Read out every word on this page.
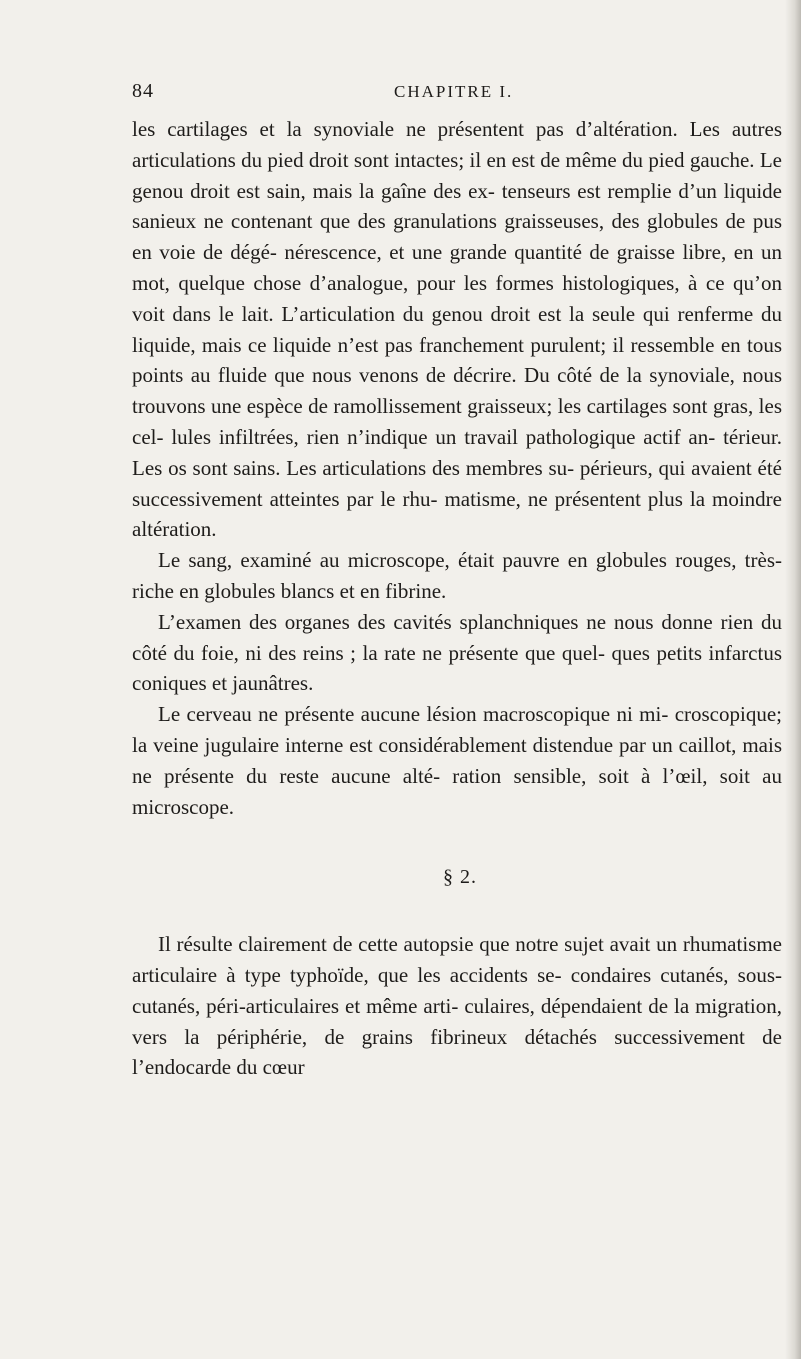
84	CHAPITRE I.

les cartilages et la synoviale ne présentent pas d’altération. Les autres articulations du pied droit sont intactes; il en est de même du pied gauche. Le genou droit est sain, mais la gaîne des ex- tenseurs est remplie d’un liquide sanieux ne contenant que des granulations graisseuses, des globules de pus en voie de dégé- nérescence, et une grande quantité de graisse libre, en un mot, quelque chose d’analogue, pour les formes histologiques, à ce qu’on voit dans le lait. L’articulation du genou droit est la seule qui renferme du liquide, mais ce liquide n’est pas franchement purulent; il ressemble en tous points au fluide que nous venons de décrire. Du côté de la synoviale, nous trouvons une espèce de ramollissement graisseux; les cartilages sont gras, les cel- lules infiltrées, rien n’indique un travail pathologique actif an- térieur. Les os sont sains. Les articulations des membres su- périeurs, qui avaient été successivement atteintes par le rhu- matisme, ne présentent plus la moindre altération.

Le sang, examiné au microscope, était pauvre en globules rouges, très-riche en globules blancs et en fibrine.

L’examen des organes des cavités splanchniques ne nous donne rien du côté du foie, ni des reins ; la rate ne présente que quel- ques petits infarctus coniques et jaunâtres.

Le cerveau ne présente aucune lésion macroscopique ni mi- croscopique; la veine jugulaire interne est considérablement distendue par un caillot, mais ne présente du reste aucune alté- ration sensible, soit à l’œil, soit au microscope.

§ 2.

Il résulte clairement de cette autopsie que notre sujet avait un rhumatisme articulaire à type typhoïde, que les accidents se- condaires cutanés, sous-cutanés, péri-articulaires et même arti- culaires, dépendaient de la migration, vers la périphérie, de grains fibrineux détachés successivement de l’endocarde du cœur
